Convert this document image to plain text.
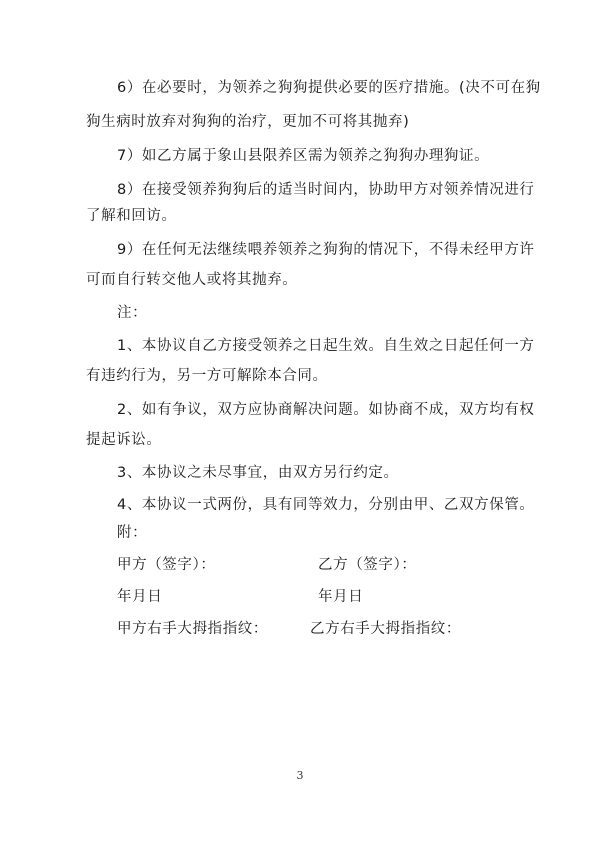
6）在必要时，为领养之狗狗提供必要的医疗措施。(决不可在狗
狗生病时放弃对狗狗的治疗，更加不可将其抛弃)
7）如乙方属于象山县限养区需为领养之狗狗办理狗证。
8）在接受领养狗狗后的适当时间内，协助甲方对领养情况进行
了解和回访。
9）在任何无法继续喂养领养之狗狗的情况下，不得未经甲方许
可而自行转交他人或将其抛弃。
注：
1、本协议自乙方接受领养之日起生效。自生效之日起任何一方
有违约行为，另一方可解除本合同。
2、如有争议，双方应协商解决问题。如协商不成，双方均有权
提起诉讼。
3、本协议之未尽事宜，由双方另行约定。
4、本协议一式两份，具有同等效力，分别由甲、乙双方保管。
附：
甲方（签字）：	乙方（签字）：
年月日	年月日
甲方右手大拇指指纹：	乙方右手大拇指指纹：
3
